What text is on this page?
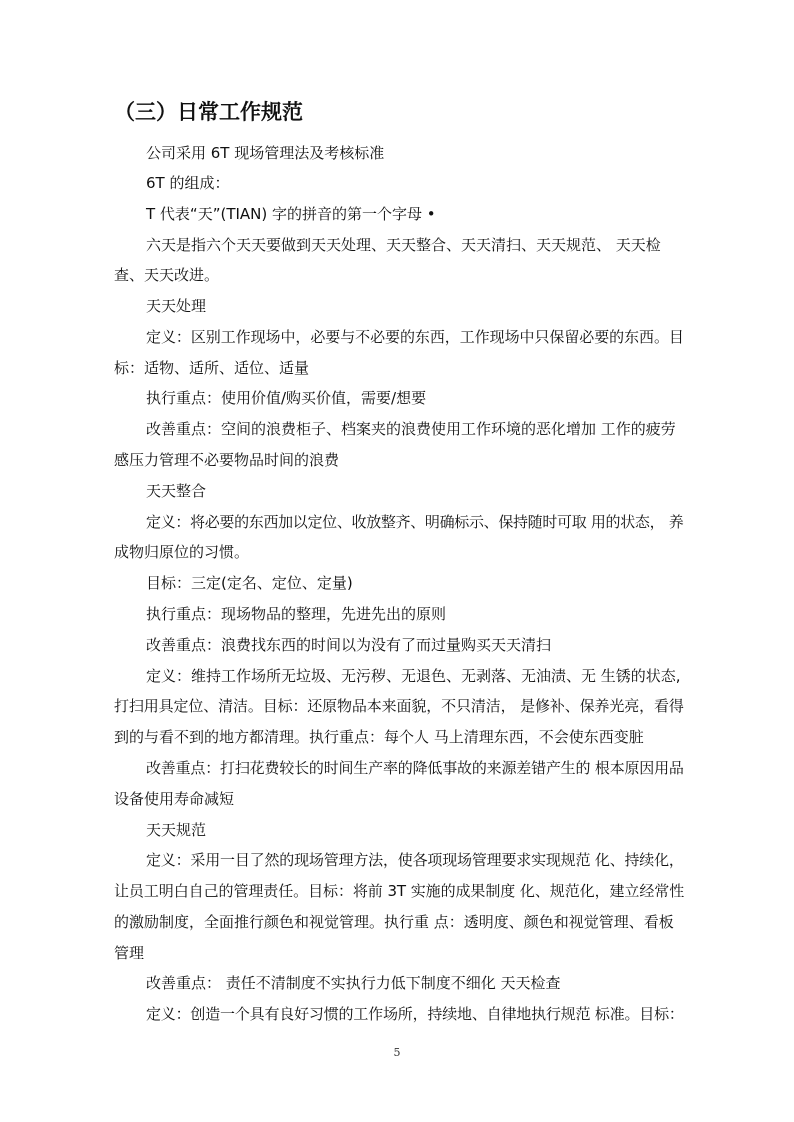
（三）日常工作规范
公司采用 6T 现场管理法及考核标准
6T 的组成：
T 代表“天”(TIAN) 字的拼音的第一个字母 •
六天是指六个天天要做到天天处理、天天整合、天天清扫、天天规范、 天天检
查、天天改进。
天天处理
定义：区别工作现场中，必要与不必要的东西，工作现场中只保留必要的东西。目
标：适物、适所、适位、适量
执行重点：使用价值/购买价值，需要/想要
改善重点：空间的浪费柜子、档案夹的浪费使用工作环境的恶化增加 工作的疲劳
感压力管理不必要物品时间的浪费
天天整合
定义：将必要的东西加以定位、收放整齐、明确标示、保持随时可取 用的状态， 养
成物归原位的习惯。
目标：三定(定名、定位、定量)
执行重点：现场物品的整理，先进先出的原则
改善重点：浪费找东西的时间以为没有了而过量购买天天清扫
定义：维持工作场所无垃圾、无污秽、无退色、无剥落、无油渍、无 生锈的状态,
打扫用具定位、清洁。目标：还原物品本来面貌，不只清洁， 是修补、保养光亮，看得
到的与看不到的地方都清理。执行重点：每个人 马上清理东西，不会使东西变脏
改善重点：打扫花费较长的时间生产率的降低事故的来源差错产生的 根本原因用品
设备使用寿命减短
天天规范
定义：采用一目了然的现场管理方法，使各项现场管理要求实现规范 化、持续化，
让员工明白自己的管理责任。目标：将前 3T 实施的成果制度 化、规范化，建立经常性
的激励制度，全面推行颜色和视觉管理。执行重 点：透明度、颜色和视觉管理、看板
管理
改善重点： 责任不清制度不实执行力低下制度不细化 天天检查
定义：创造一个具有良好习惯的工作场所，持续地、自律地执行规范 标准。目标：
5
